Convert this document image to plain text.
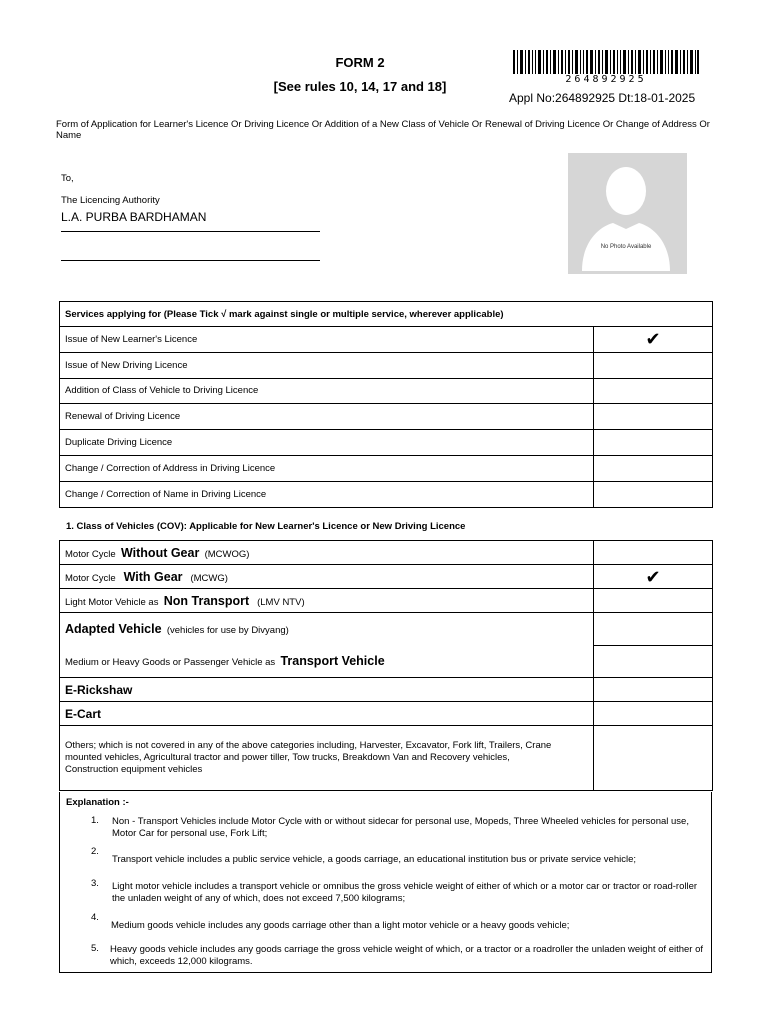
FORM 2
[See rules 10, 14, 17 and 18]	264892925
Appl No:264892925 Dt:18-01-2025
Form of Application for Learner's Licence Or Driving Licence Or Addition of a New Class of Vehicle Or Renewal of Driving Licence Or Change of Address Or Name
To,
The Licencing Authority
L.A. PURBA BARDHAMAN
No Photo Available
Services applying for (Please Tick √ mark against single or multiple service, wherever applicable)	
Issue of New Learner's Licence	✔
Issue of New Driving Licence	
Addition of Class of Vehicle to Driving Licence	
Renewal of Driving Licence	
Duplicate Driving Licence	
Change / Correction of Address in Driving Licence	
Change / Correction of Name in Driving Licence	
1. Class of Vehicles (COV): Applicable for New Learner's Licence or New Driving Licence
Motor Cycle Without Gear (MCWOG)	
Motor Cycle With Gear (MCWG)	✔
Light Motor Vehicle as Non Transport (LMV NTV)	
Adapted Vehicle (vehicles for use by Divyang)	
Medium or Heavy Goods or Passenger Vehicle as Transport Vehicle	
E-Rickshaw	
E-Cart	
Others; which is not covered in any of the above categories including, Harvester, Excavator, Fork lift, Trailers, Crane mounted vehicles, Agricultural tractor and power tiller, Tow trucks, Breakdown Van and Recovery vehicles, Construction equipment vehicles	
Explanation :-
1. Non - Transport Vehicles include Motor Cycle with or without sidecar for personal use, Mopeds, Three Wheeled vehicles for personal use, Motor Car for personal use, Fork Lift;
2.
Transport vehicle includes a public service vehicle, a goods carriage, an educational institution bus or private service vehicle;
3. Light motor vehicle includes a transport vehicle or omnibus the gross vehicle weight of either of which or a motor car or tractor or road-roller the unladen weight of any of which, does not exceed 7,500 kilograms;
4.
Medium goods vehicle includes any goods carriage other than a light motor vehicle or a heavy goods vehicle;
5. Heavy goods vehicle includes any goods carriage the gross vehicle weight of which, or a tractor or a roadroller the unladen weight of either of which, exceeds 12,000 kilograms.
